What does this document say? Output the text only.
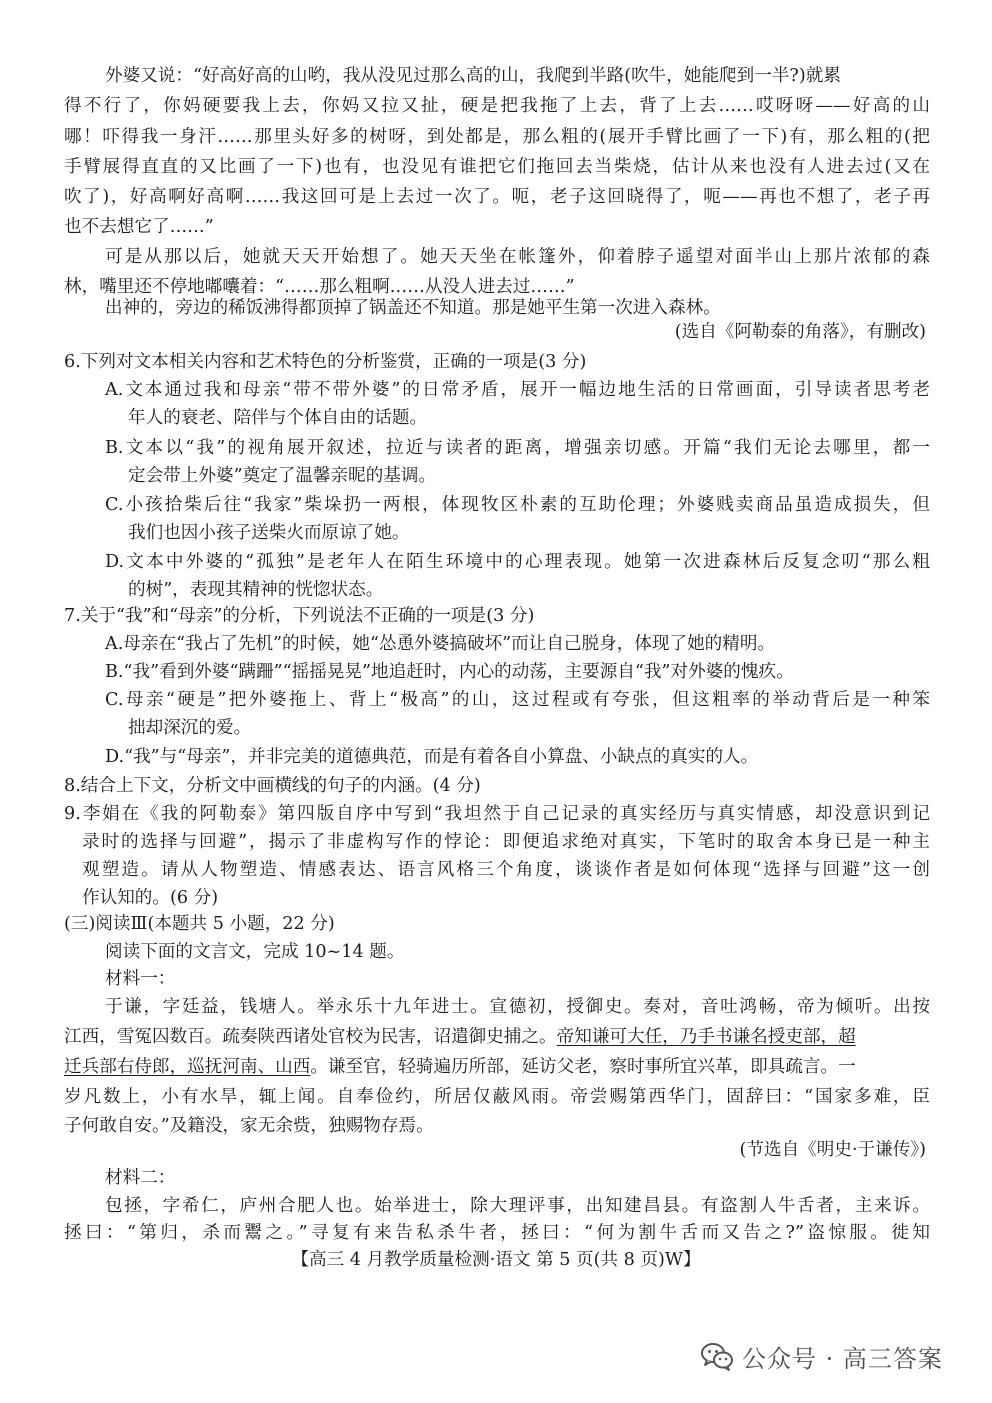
外婆又说：“好高好高的山哟，我从没见过那么高的山，我爬到半路(吹牛，她能爬到一半?)就累
得不行了，你妈硬要我上去，你妈又拉又扯，硬是把我拖了上去，背了上去……哎呀呀——好高的山
哪！吓得我一身汗……那里头好多的树呀，到处都是，那么粗的(展开手臂比画了一下)有，那么粗的(把
手臂展得直直的又比画了一下)也有，也没见有谁把它们拖回去当柴烧，估计从来也没有人进去过(又在
吹了)，好高啊好高啊……我这回可是上去过一次了。呃，老子这回晓得了，呃——再也不想了，老子再
也不去想它了……”
可是从那以后，她就天天开始想了。她天天坐在帐篷外，仰着脖子遥望对面半山上那片浓郁的森
林，嘴里还不停地嘟囔着：“……那么粗啊……从没人进去过……”
出神的，旁边的稀饭沸得都顶掉了锅盖还不知道。那是她平生第一次进入森林。
(选自《阿勒泰的角落》，有删改)
6.下列对文本相关内容和艺术特色的分析鉴赏，正确的一项是(3 分)
A.文本通过我和母亲“带不带外婆”的日常矛盾，展开一幅边地生活的日常画面，引导读者思考老
年人的衰老、陪伴与个体自由的话题。
B.文本以“我”的视角展开叙述，拉近与读者的距离，增强亲切感。开篇“我们无论去哪里，都一
定会带上外婆”奠定了温馨亲昵的基调。
C.小孩拾柴后往“我家”柴垛扔一两根，体现牧区朴素的互助伦理；外婆贱卖商品虽造成损失，但
我们也因小孩子送柴火而原谅了她。
D.文本中外婆的“孤独”是老年人在陌生环境中的心理表现。她第一次进森林后反复念叨“那么粗
的树”，表现其精神的恍惚状态。
7.关于“我”和“母亲”的分析，下列说法不正确的一项是(3 分)
A.母亲在“我占了先机”的时候，她“怂恿外婆搞破坏”而让自己脱身，体现了她的精明。
B.“我”看到外婆“蹒跚”“摇摇晃晃”地追赶时，内心的动荡，主要源自“我”对外婆的愧疚。
C.母亲“硬是”把外婆拖上、背上“极高”的山，这过程或有夸张，但这粗率的举动背后是一种笨
拙却深沉的爱。
D.“我”与“母亲”，并非完美的道德典范，而是有着各自小算盘、小缺点的真实的人。
8.结合上下文，分析文中画横线的句子的内涵。(4 分)
9.李娟在《我的阿勒泰》第四版自序中写到“我坦然于自己记录的真实经历与真实情感，却没意识到记
录时的选择与回避”，揭示了非虚构写作的悖论：即便追求绝对真实，下笔时的取舍本身已是一种主
观塑造。请从人物塑造、情感表达、语言风格三个角度，谈谈作者是如何体现“选择与回避”这一创
作认知的。(6 分)
(三)阅读Ⅲ(本题共 5 小题，22 分)
阅读下面的文言文，完成 10~14 题。
材料一：
于谦，字廷益，钱塘人。举永乐十九年进士。宣德初，授御史。奏对，音吐鸿畅，帝为倾听。出按
江西，雪冤囚数百。疏奏陕西诸处官校为民害，诏遣御史捕之。帝知谦可大任，乃手书谦名授吏部，超
迁兵部右侍郎，巡抚河南、山西。谦至官，轻骑遍历所部，延访父老，察时事所宜兴革，即具疏言。一
岁凡数上，小有水旱，辄上闻。自奉俭约，所居仅蔽风雨。帝尝赐第西华门，固辞曰：“国家多难，臣
子何敢自安。”及籍没，家无余赀，独赐物存焉。
(节选自《明史·于谦传》)
材料二：
包拯，字希仁，庐州合肥人也。始举进士，除大理评事，出知建昌县。有盗割人牛舌者，主来诉。
拯曰：“第归，杀而鬻之。”寻复有来告私杀牛者，拯曰：“何为割牛舌而又告之?”盗惊服。徙知
【高三 4 月教学质量检测·语文 第 5 页(共 8 页)W】
公众号 · 高三答案
